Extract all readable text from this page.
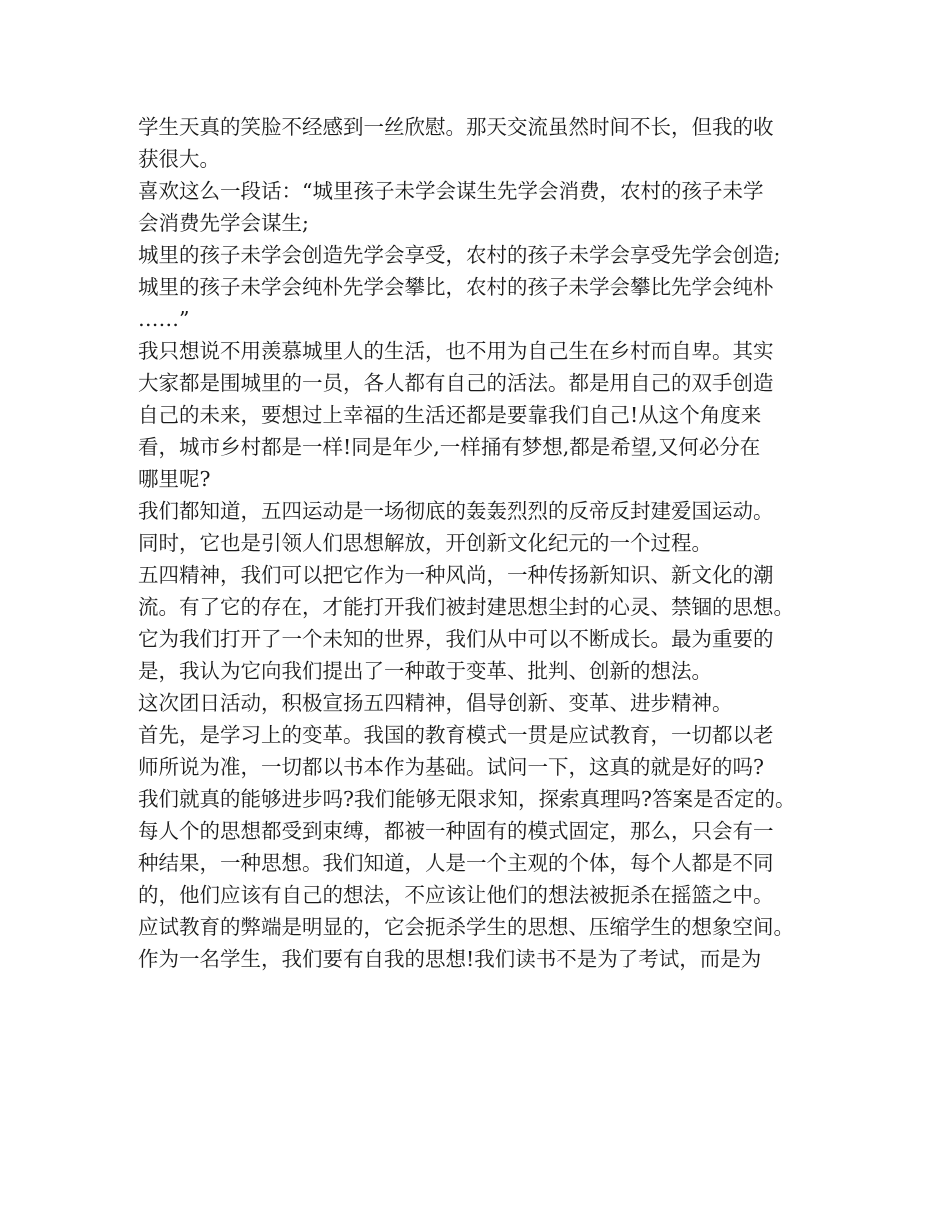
学生天真的笑脸不经感到一丝欣慰。那天交流虽然时间不长，但我的收
获很大。

喜欢这么一段话：“城里孩子未学会谋生先学会消费，农村的孩子未学
会消费先学会谋生;

城里的孩子未学会创造先学会享受，农村的孩子未学会享受先学会创造;

城里的孩子未学会纯朴先学会攀比，农村的孩子未学会攀比先学会纯朴
……”

我只想说不用羡慕城里人的生活，也不用为自己生在乡村而自卑。其实
大家都是围城里的一员，各人都有自己的活法。都是用自己的双手创造
自己的未来，要想过上幸福的生活还都是要靠我们自己!从这个角度来
看，城市乡村都是一样!同是年少,一样捅有梦想,都是希望,又何必分在
哪里呢?

我们都知道，五四运动是一场彻底的轰轰烈烈的反帝反封建爱国运动。
同时，它也是引领人们思想解放，开创新文化纪元的一个过程。

五四精神，我们可以把它作为一种风尚，一种传扬新知识、新文化的潮
流。有了它的存在，才能打开我们被封建思想尘封的心灵、禁锢的思想。
它为我们打开了一个未知的世界，我们从中可以不断成长。最为重要的
是，我认为它向我们提出了一种敢于变革、批判、创新的想法。

这次团日活动，积极宣扬五四精神，倡导创新、变革、进步精神。

首先，是学习上的变革。我国的教育模式一贯是应试教育，一切都以老
师所说为准，一切都以书本作为基础。试问一下，这真的就是好的吗?
我们就真的能够进步吗?我们能够无限求知，探索真理吗?答案是否定的。
每人个的思想都受到束缚，都被一种固有的模式固定，那么，只会有一
种结果，一种思想。我们知道，人是一个主观的个体，每个人都是不同
的，他们应该有自己的想法，不应该让他们的想法被扼杀在摇篮之中。
应试教育的弊端是明显的，它会扼杀学生的思想、压缩学生的想象空间。
作为一名学生，我们要有自我的思想!我们读书不是为了考试，而是为
